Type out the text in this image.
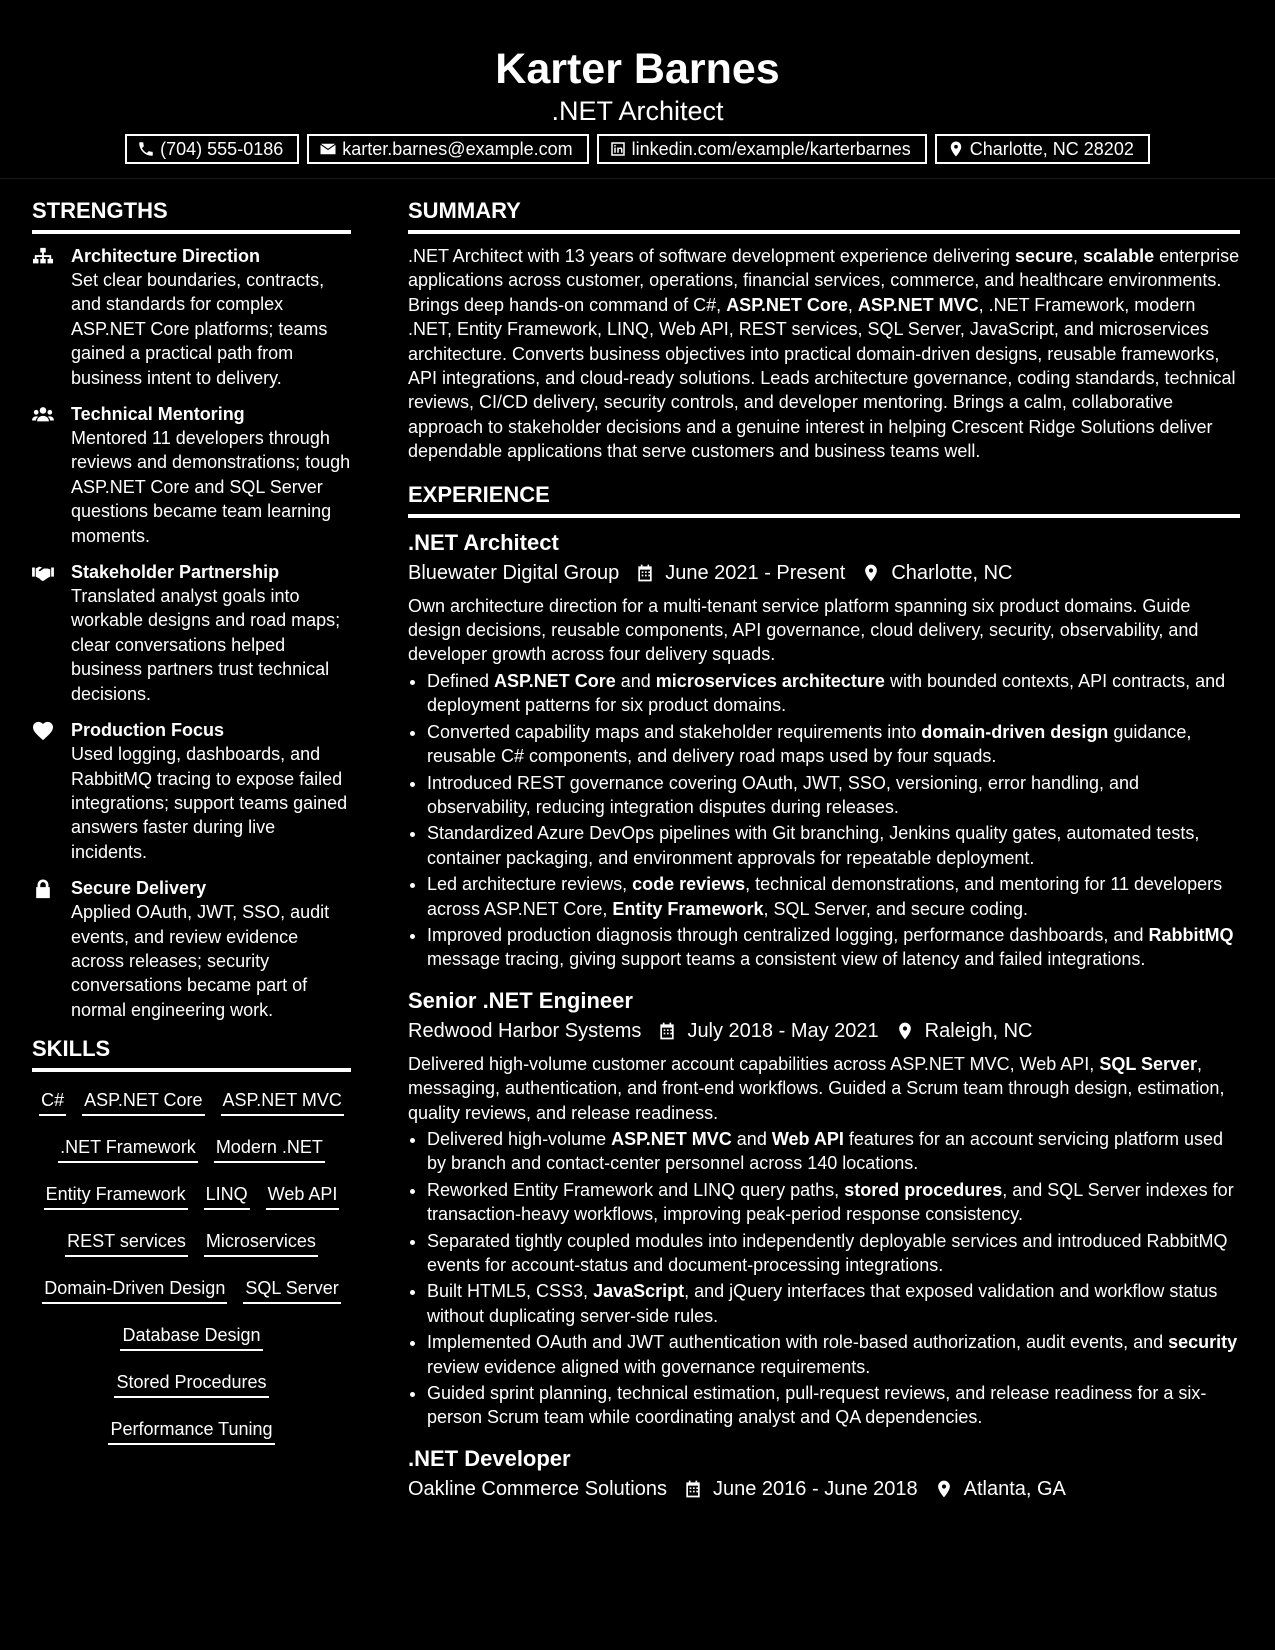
Karter Barnes
.NET Architect
(704) 555-0186	karter.barnes@example.com	linkedin.com/example/karterbarnes	Charlotte, NC 28202
STRENGTHS
Architecture Direction
Set clear boundaries, contracts, and standards for complex ASP.NET Core platforms; teams gained a practical path from business intent to delivery.
Technical Mentoring
Mentored 11 developers through reviews and demonstrations; tough ASP.NET Core and SQL Server questions became team learning moments.
Stakeholder Partnership
Translated analyst goals into workable designs and road maps; clear conversations helped business partners trust technical decisions.
Production Focus
Used logging, dashboards, and RabbitMQ tracing to expose failed integrations; support teams gained answers faster during live incidents.
Secure Delivery
Applied OAuth, JWT, SSO, audit events, and review evidence across releases; security conversations became part of normal engineering work.
SKILLS
C# ASP.NET Core ASP.NET MVC
.NET Framework Modern .NET
Entity Framework LINQ Web API
REST services Microservices
Domain-Driven Design SQL Server
Database Design
Stored Procedures
Performance Tuning
SUMMARY
.NET Architect with 13 years of software development experience delivering secure, scalable enterprise applications across customer, operations, financial services, commerce, and healthcare environments. Brings deep hands-on command of C#, ASP.NET Core, ASP.NET MVC, .NET Framework, modern .NET, Entity Framework, LINQ, Web API, REST services, SQL Server, JavaScript, and microservices architecture. Converts business objectives into practical domain-driven designs, reusable frameworks, API integrations, and cloud-ready solutions. Leads architecture governance, coding standards, technical reviews, CI/CD delivery, security controls, and developer mentoring. Brings a calm, collaborative approach to stakeholder decisions and a genuine interest in helping Crescent Ridge Solutions deliver dependable applications that serve customers and business teams well.
EXPERIENCE
.NET Architect
Bluewater Digital Group June 2021 - Present Charlotte, NC
Own architecture direction for a multi-tenant service platform spanning six product domains. Guide design decisions, reusable components, API governance, cloud delivery, security, observability, and developer growth across four delivery squads.
• Defined ASP.NET Core and microservices architecture with bounded contexts, API contracts, and deployment patterns for six product domains.
• Converted capability maps and stakeholder requirements into domain-driven design guidance, reusable C# components, and delivery road maps used by four squads.
• Introduced REST governance covering OAuth, JWT, SSO, versioning, error handling, and observability, reducing integration disputes during releases.
• Standardized Azure DevOps pipelines with Git branching, Jenkins quality gates, automated tests, container packaging, and environment approvals for repeatable deployment.
• Led architecture reviews, code reviews, technical demonstrations, and mentoring for 11 developers across ASP.NET Core, Entity Framework, SQL Server, and secure coding.
• Improved production diagnosis through centralized logging, performance dashboards, and RabbitMQ message tracing, giving support teams a consistent view of latency and failed integrations.
Senior .NET Engineer
Redwood Harbor Systems July 2018 - May 2021 Raleigh, NC
Delivered high-volume customer account capabilities across ASP.NET MVC, Web API, SQL Server, messaging, authentication, and front-end workflows. Guided a Scrum team through design, estimation, quality reviews, and release readiness.
• Delivered high-volume ASP.NET MVC and Web API features for an account servicing platform used by branch and contact-center personnel across 140 locations.
• Reworked Entity Framework and LINQ query paths, stored procedures, and SQL Server indexes for transaction-heavy workflows, improving peak-period response consistency.
• Separated tightly coupled modules into independently deployable services and introduced RabbitMQ events for account-status and document-processing integrations.
• Built HTML5, CSS3, JavaScript, and jQuery interfaces that exposed validation and workflow status without duplicating server-side rules.
• Implemented OAuth and JWT authentication with role-based authorization, audit events, and security review evidence aligned with governance requirements.
• Guided sprint planning, technical estimation, pull-request reviews, and release readiness for a six-person Scrum team while coordinating analyst and QA dependencies.
.NET Developer
Oakline Commerce Solutions June 2016 - June 2018 Atlanta, GA
